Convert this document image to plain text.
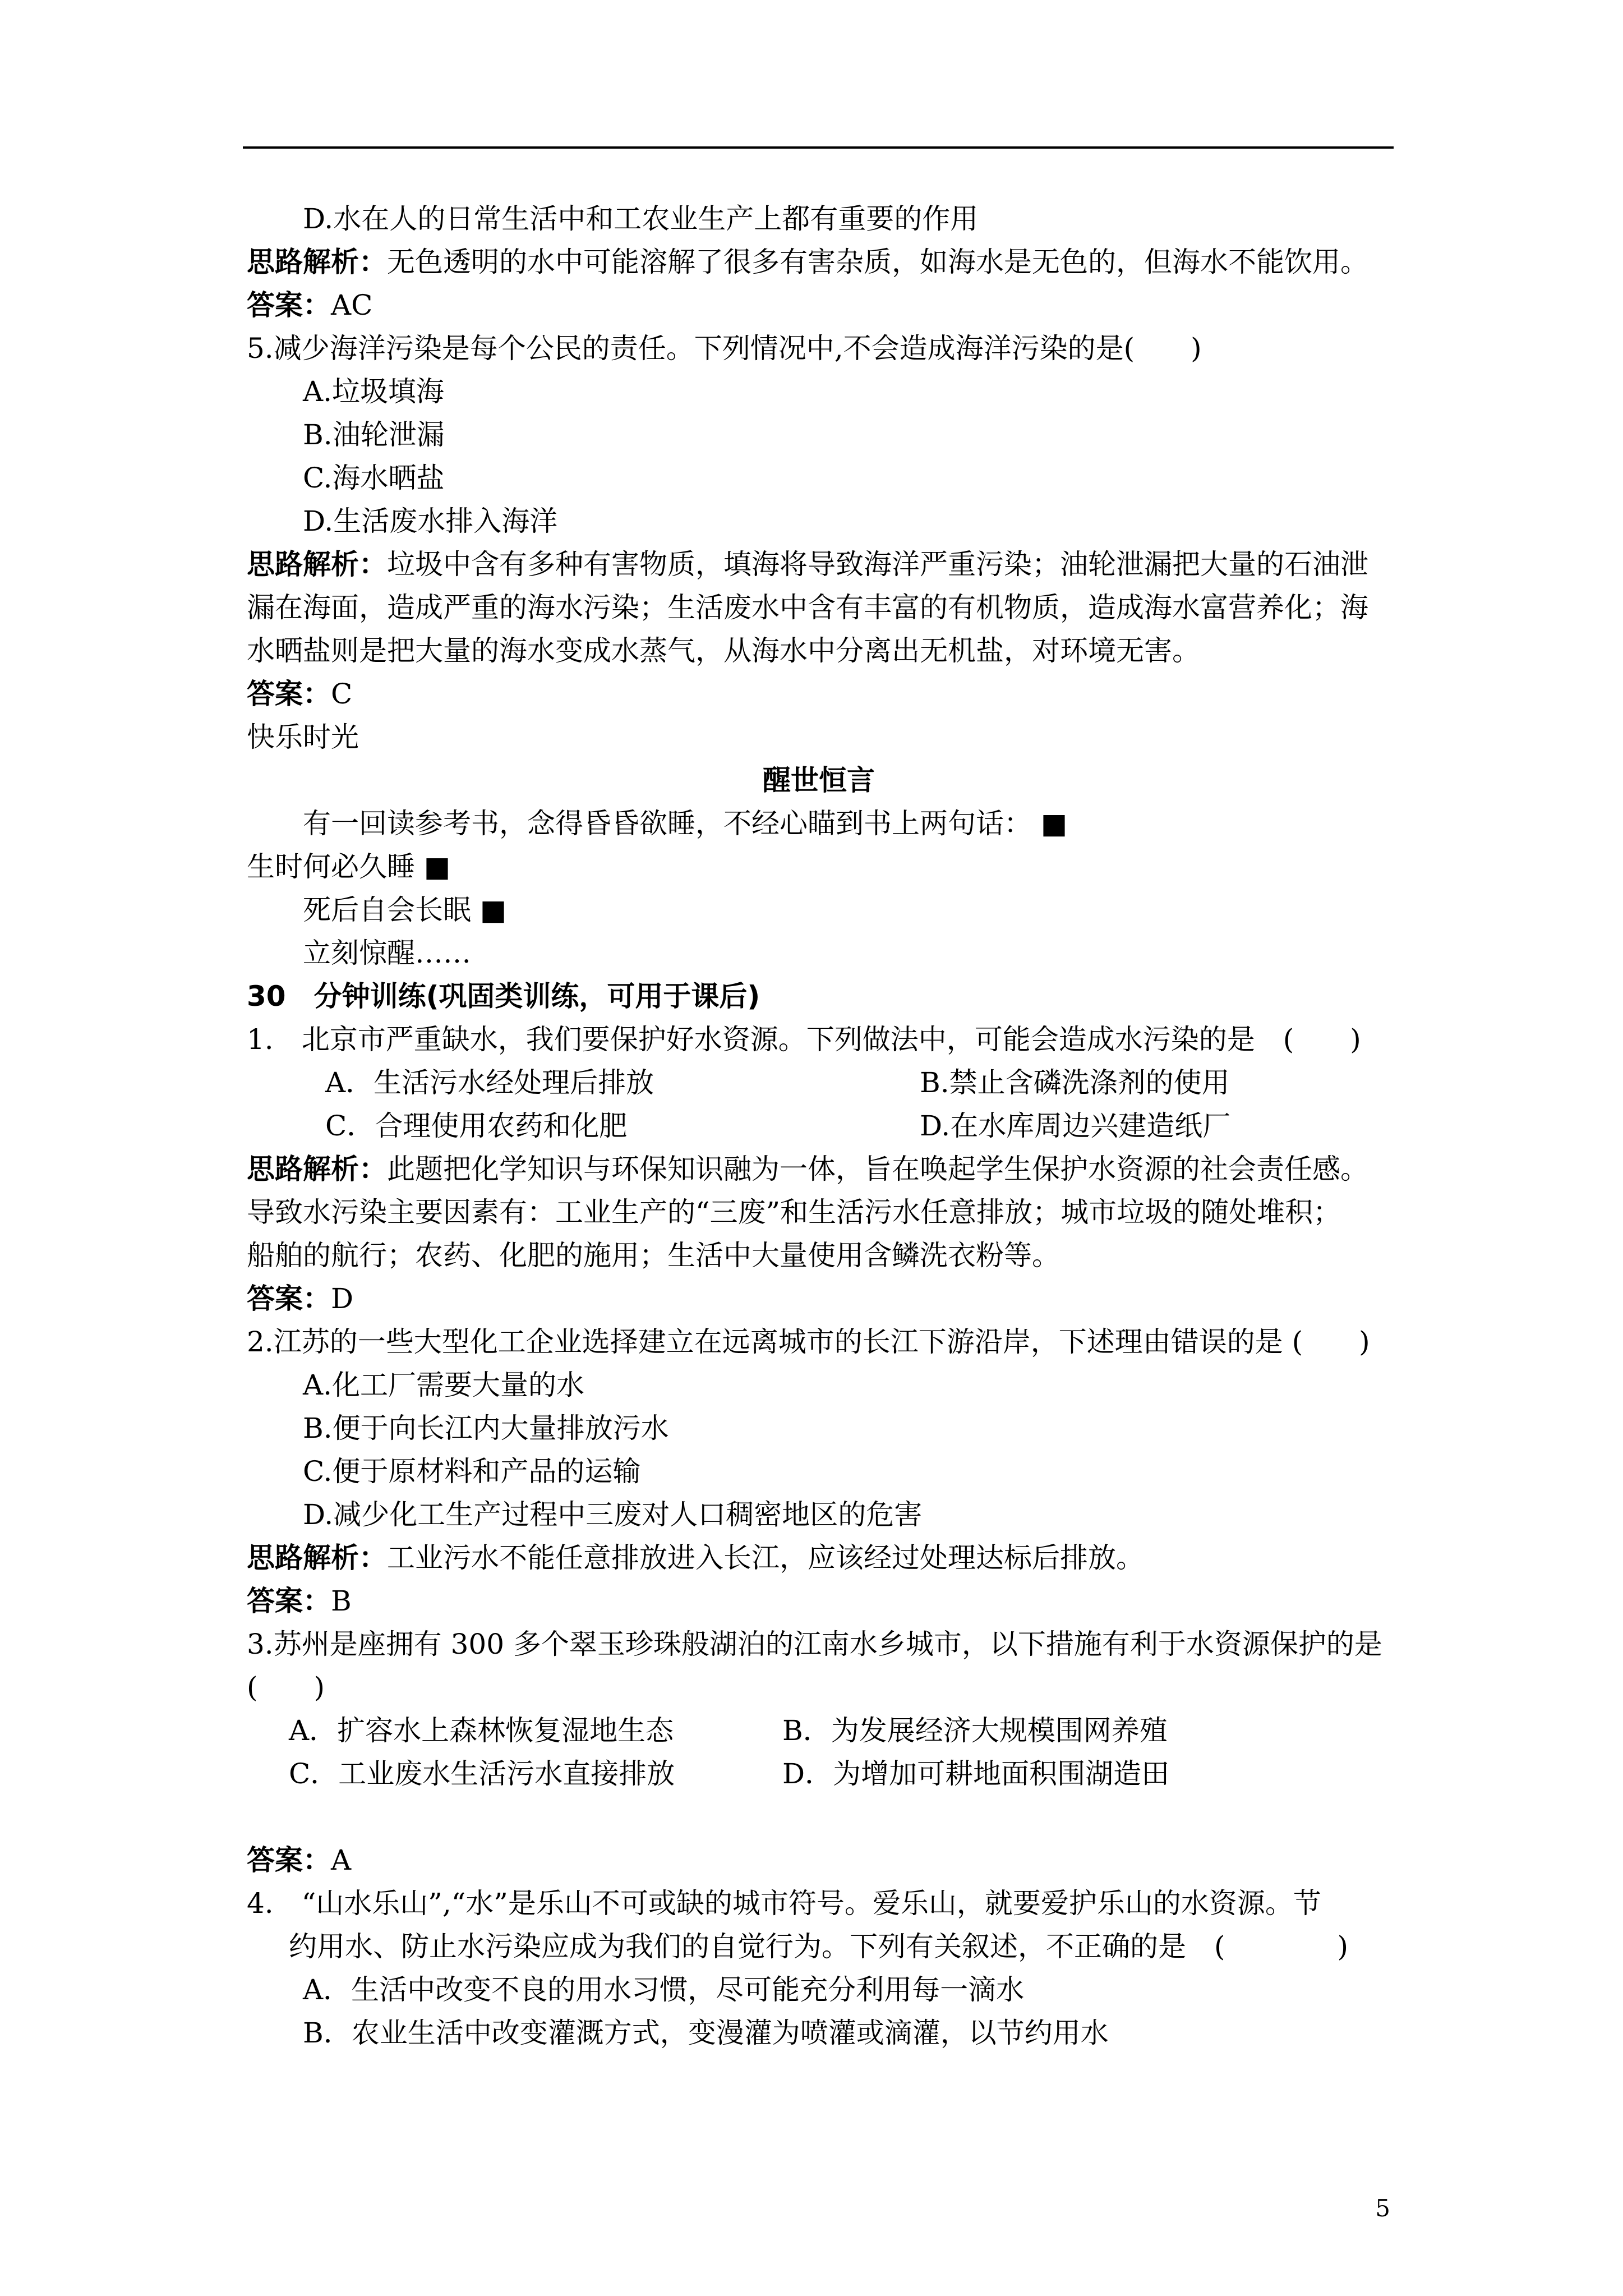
D.水在人的日常生活中和工农业生产上都有重要的作用
思路解析：无色透明的水中可能溶解了很多有害杂质，如海水是无色的，但海水不能饮用。
答案：AC
5.减少海洋污染是每个公民的责任。下列情况中,不会造成海洋污染的是(　　)
A.垃圾填海
B.油轮泄漏
C.海水晒盐
D.生活废水排入海洋
思路解析：垃圾中含有多种有害物质，填海将导致海洋严重污染；油轮泄漏把大量的石油泄
漏在海面，造成严重的海水污染；生活废水中含有丰富的有机物质，造成海水富营养化；海
水晒盐则是把大量的海水变成水蒸气，从海水中分离出无机盐，对环境无害。
答案：C
快乐时光
醒世恒言
有一回读参考书，念得昏昏欲睡，不经心瞄到书上两句话： ■
生时何必久睡 ■
死后自会长眠 ■
立刻惊醒……
30　分钟训练(巩固类训练，可用于课后)
1.　北京市严重缺水，我们要保护好水资源。下列做法中，可能会造成水污染的是　(　　)
A．生活污水经处理后排放	B.禁止含磷洗涤剂的使用
C．合理使用农药和化肥	D.在水库周边兴建造纸厂
思路解析：此题把化学知识与环保知识融为一体，旨在唤起学生保护水资源的社会责任感。
导致水污染主要因素有：工业生产的“三废”和生活污水任意排放；城市垃圾的随处堆积；
船舶的航行；农药、化肥的施用；生活中大量使用含鳞洗衣粉等。
答案：D
2.江苏的一些大型化工企业选择建立在远离城市的长江下游沿岸，下述理由错误的是 (　　)
A.化工厂需要大量的水
B.便于向长江内大量排放污水
C.便于原材料和产品的运输
D.减少化工生产过程中三废对人口稠密地区的危害
思路解析：工业污水不能任意排放进入长江，应该经过处理达标后排放。
答案：B
3.苏州是座拥有 300 多个翠玉珍珠般湖泊的江南水乡城市，以下措施有利于水资源保护的是
(　　)
A．扩容水上森林恢复湿地生态	B．为发展经济大规模围网养殖
C．工业废水生活污水直接排放	D．为增加可耕地面积围湖造田
答案：A
4.　“山水乐山”,“水”是乐山不可或缺的城市符号。爱乐山，就要爱护乐山的水资源。节
约用水、防止水污染应成为我们的自觉行为。下列有关叙述，不正确的是　(　　　　)
A．生活中改变不良的用水习惯，尽可能充分利用每一滴水
B．农业生活中改变灌溉方式，变漫灌为喷灌或滴灌，以节约用水
5
